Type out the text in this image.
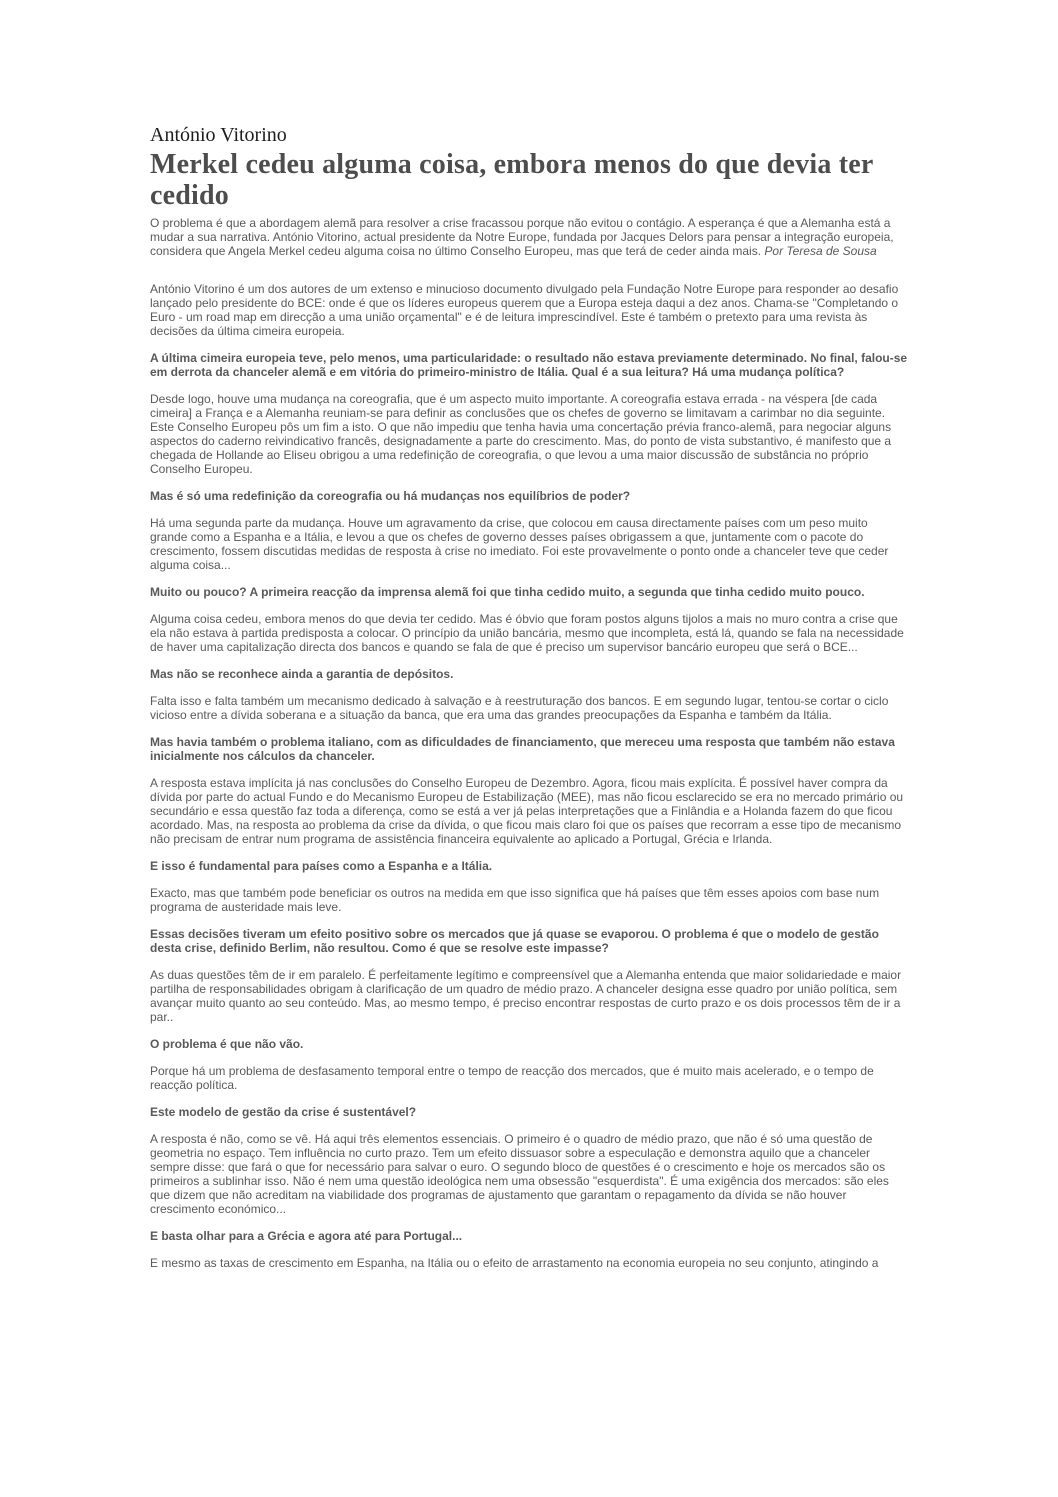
António Vitorino

Merkel cedeu alguma coisa, embora menos do que devia ter cedido

O problema é que a abordagem alemã para resolver a crise fracassou porque não evitou o contágio. A esperança é que a Alemanha está a mudar a sua narrativa. António Vitorino, actual presidente da Notre Europe, fundada por Jacques Delors para pensar a integração europeia, considera que Angela Merkel cedeu alguma coisa no último Conselho Europeu, mas que terá de ceder ainda mais. Por Teresa de Sousa

António Vitorino é um dos autores de um extenso e minucioso documento divulgado pela Fundação Notre Europe para responder ao desafio lançado pelo presidente do BCE: onde é que os líderes europeus querem que a Europa esteja daqui a dez anos. Chama-se "Completando o Euro - um road map em direcção a uma união orçamental" e é de leitura imprescindível. Este é também o pretexto para uma revista às decisões da última cimeira europeia.

A última cimeira europeia teve, pelo menos, uma particularidade: o resultado não estava previamente determinado. No final, falou-se em derrota da chanceler alemã e em vitória do primeiro-ministro de Itália. Qual é a sua leitura? Há uma mudança política?

Desde logo, houve uma mudança na coreografia, que é um aspecto muito importante. A coreografia estava errada - na véspera [de cada cimeira] a França e a Alemanha reuniam-se para definir as conclusões que os chefes de governo se limitavam a carimbar no dia seguinte. Este Conselho Europeu pôs um fim a isto. O que não impediu que tenha havia uma concertação prévia franco-alemã, para negociar alguns aspectos do caderno reivindicativo francês, designadamente a parte do crescimento. Mas, do ponto de vista substantivo, é manifesto que a chegada de Hollande ao Eliseu obrigou a uma redefinição de coreografia, o que levou a uma maior discussão de substância no próprio Conselho Europeu.

Mas é só uma redefinição da coreografia ou há mudanças nos equilíbrios de poder?

Há uma segunda parte da mudança. Houve um agravamento da crise, que colocou em causa directamente países com um peso muito grande como a Espanha e a Itália, e levou a que os chefes de governo desses países obrigassem a que, juntamente com o pacote do crescimento, fossem discutidas medidas de resposta à crise no imediato. Foi este provavelmente o ponto onde a chanceler teve que ceder alguma coisa...

Muito ou pouco? A primeira reacção da imprensa alemã foi que tinha cedido muito, a segunda que tinha cedido muito pouco.

Alguma coisa cedeu, embora menos do que devia ter cedido. Mas é óbvio que foram postos alguns tijolos a mais no muro contra a crise que ela não estava à partida predisposta a colocar. O princípio da união bancária, mesmo que incompleta, está lá, quando se fala na necessidade de haver uma capitalização directa dos bancos e quando se fala de que é preciso um supervisor bancário europeu que será o BCE...

Mas não se reconhece ainda a garantia de depósitos.

Falta isso e falta também um mecanismo dedicado à salvação e à reestruturação dos bancos. E em segundo lugar, tentou-se cortar o ciclo vicioso entre a dívida soberana e a situação da banca, que era uma das grandes preocupações da Espanha e também da Itália.

Mas havia também o problema italiano, com as dificuldades de financiamento, que mereceu uma resposta que também não estava inicialmente nos cálculos da chanceler.

A resposta estava implícita já nas conclusões do Conselho Europeu de Dezembro. Agora, ficou mais explícita. É possível haver compra da dívida por parte do actual Fundo e do Mecanismo Europeu de Estabilização (MEE), mas não ficou esclarecido se era no mercado primário ou secundário e essa questão faz toda a diferença, como se está a ver já pelas interpretações que a Finlândia e a Holanda fazem do que ficou acordado. Mas, na resposta ao problema da crise da dívida, o que ficou mais claro foi que os países que recorram a esse tipo de mecanismo não precisam de entrar num programa de assistência financeira equivalente ao aplicado a Portugal, Grécia e Irlanda.

E isso é fundamental para países como a Espanha e a Itália.

Exacto, mas que também pode beneficiar os outros na medida em que isso significa que há países que têm esses apoios com base num programa de austeridade mais leve.

Essas decisões tiveram um efeito positivo sobre os mercados que já quase se evaporou. O problema é que o modelo de gestão desta crise, definido Berlim, não resultou. Como é que se resolve este impasse?

As duas questões têm de ir em paralelo. É perfeitamente legítimo e compreensível que a Alemanha entenda que maior solidariedade e maior partilha de responsabilidades obrigam à clarificação de um quadro de médio prazo. A chanceler designa esse quadro por união política, sem avançar muito quanto ao seu conteúdo. Mas, ao mesmo tempo, é preciso encontrar respostas de curto prazo e os dois processos têm de ir a par..

O problema é que não vão.

Porque há um problema de desfasamento temporal entre o tempo de reacção dos mercados, que é muito mais acelerado, e o tempo de reacção política.

Este modelo de gestão da crise é sustentável?

A resposta é não, como se vê. Há aqui três elementos essenciais. O primeiro é o quadro de médio prazo, que não é só uma questão de geometria no espaço. Tem influência no curto prazo. Tem um efeito dissuasor sobre a especulação e demonstra aquilo que a chanceler sempre disse: que fará o que for necessário para salvar o euro. O segundo bloco de questões é o crescimento e hoje os mercados são os primeiros a sublinhar isso. Não é nem uma questão ideológica nem uma obsessão "esquerdista". É uma exigência dos mercados: são eles que dizem que não acreditam na viabilidade dos programas de ajustamento que garantam o repagamento da dívida se não houver crescimento económico...

E basta olhar para a Grécia e agora até para Portugal...

E mesmo as taxas de crescimento em Espanha, na Itália ou o efeito de arrastamento na economia europeia no seu conjunto, atingindo a
